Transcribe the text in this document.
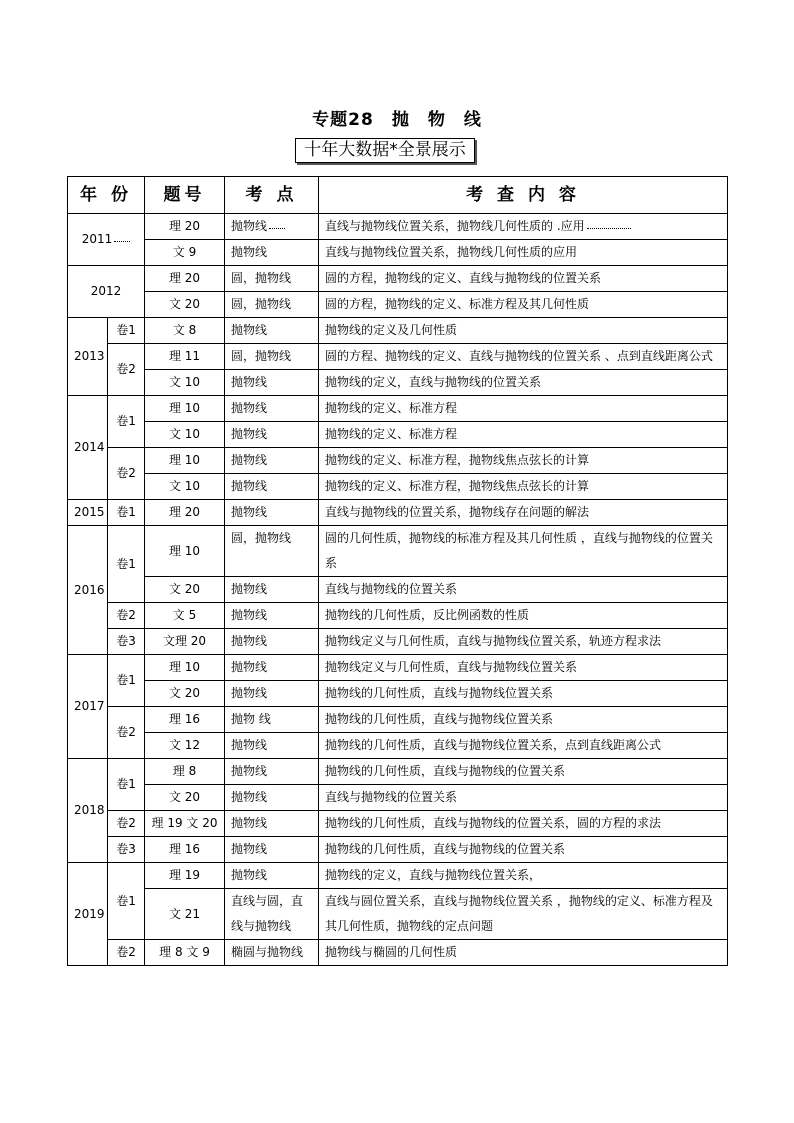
专题28　抛　物　线
十年大数据*全景展示
年 份		题号	考 点	考 查 内 容
2011		理 20	抛物线	直线与抛物线位置关系，抛物线几何性质的 .应用
		文 9	抛物线	直线与抛物线位置关系，抛物线几何性质的应用
2012		理 20	圆，抛物线	圆的方程，抛物线的定义、直线与抛物线的位置关系
		文 20	圆，抛物线	圆的方程，抛物线的定义、标准方程及其几何性质
2013	卷1	文 8	抛物线	抛物线的定义及几何性质
	卷2	理 11	圆，抛物线	圆的方程、抛物线的定义、直线与抛物线的位置关系 、点到直线距离公式
		文 10	抛物线	抛物线的定义，直线与抛物线的位置关系
2014	卷1	理 10	抛物线	抛物线的定义、标准方程
		文 10	抛物线	抛物线的定义、标准方程
	卷2	理 10	抛物线	抛物线的定义、标准方程，抛物线焦点弦长的计算
		文 10	抛物线	抛物线的定义、标准方程，抛物线焦点弦长的计算
2015	卷1	理 20	抛物线	直线与抛物线的位置关系，抛物线存在问题的解法
2016	卷1	理 10	圆，抛物线	圆的几何性质，抛物线的标准方程及其几何性质 ，直线与抛物线的位置关系
		文 20	抛物线	直线与抛物线的位置关系
	卷2	文 5	抛物线	抛物线的几何性质，反比例函数的性质
	卷3	文理 20	抛物线	抛物线定义与几何性质，直线与抛物线位置关系，轨迹方程求法
2017	卷1	理 10	抛物线	抛物线定义与几何性质，直线与抛物线位置关系
		文 20	抛物线	抛物线的几何性质，直线与抛物线位置关系
	卷2	理 16	抛物 线	抛物线的几何性质，直线与抛物线位置关系
		文 12	抛物线	抛物线的几何性质，直线与抛物线位置关系，点到直线距离公式
2018	卷1	理 8	抛物线	抛物线的几何性质，直线与抛物线的位置关系
		文 20	抛物线	直线与抛物线的位置关系
	卷2	理 19 文 20	抛物线	抛物线的几何性质，直线与抛物线的位置关系，圆的方程的求法
	卷3	理 16	抛物线	抛物线的几何性质，直线与抛物线的位置关系
2019	卷1	理 19	抛物线	抛物线的定义，直线与抛物线位置关系，
		文 21	直线与圆，直线与抛物线	直线与圆位置关系，直线与抛物线位置关系 ，抛物线的定义、标准方程及其几何性质，抛物线的定点问题
	卷2	理 8 文 9	椭圆与抛物线	抛物线与椭圆的几何性质
